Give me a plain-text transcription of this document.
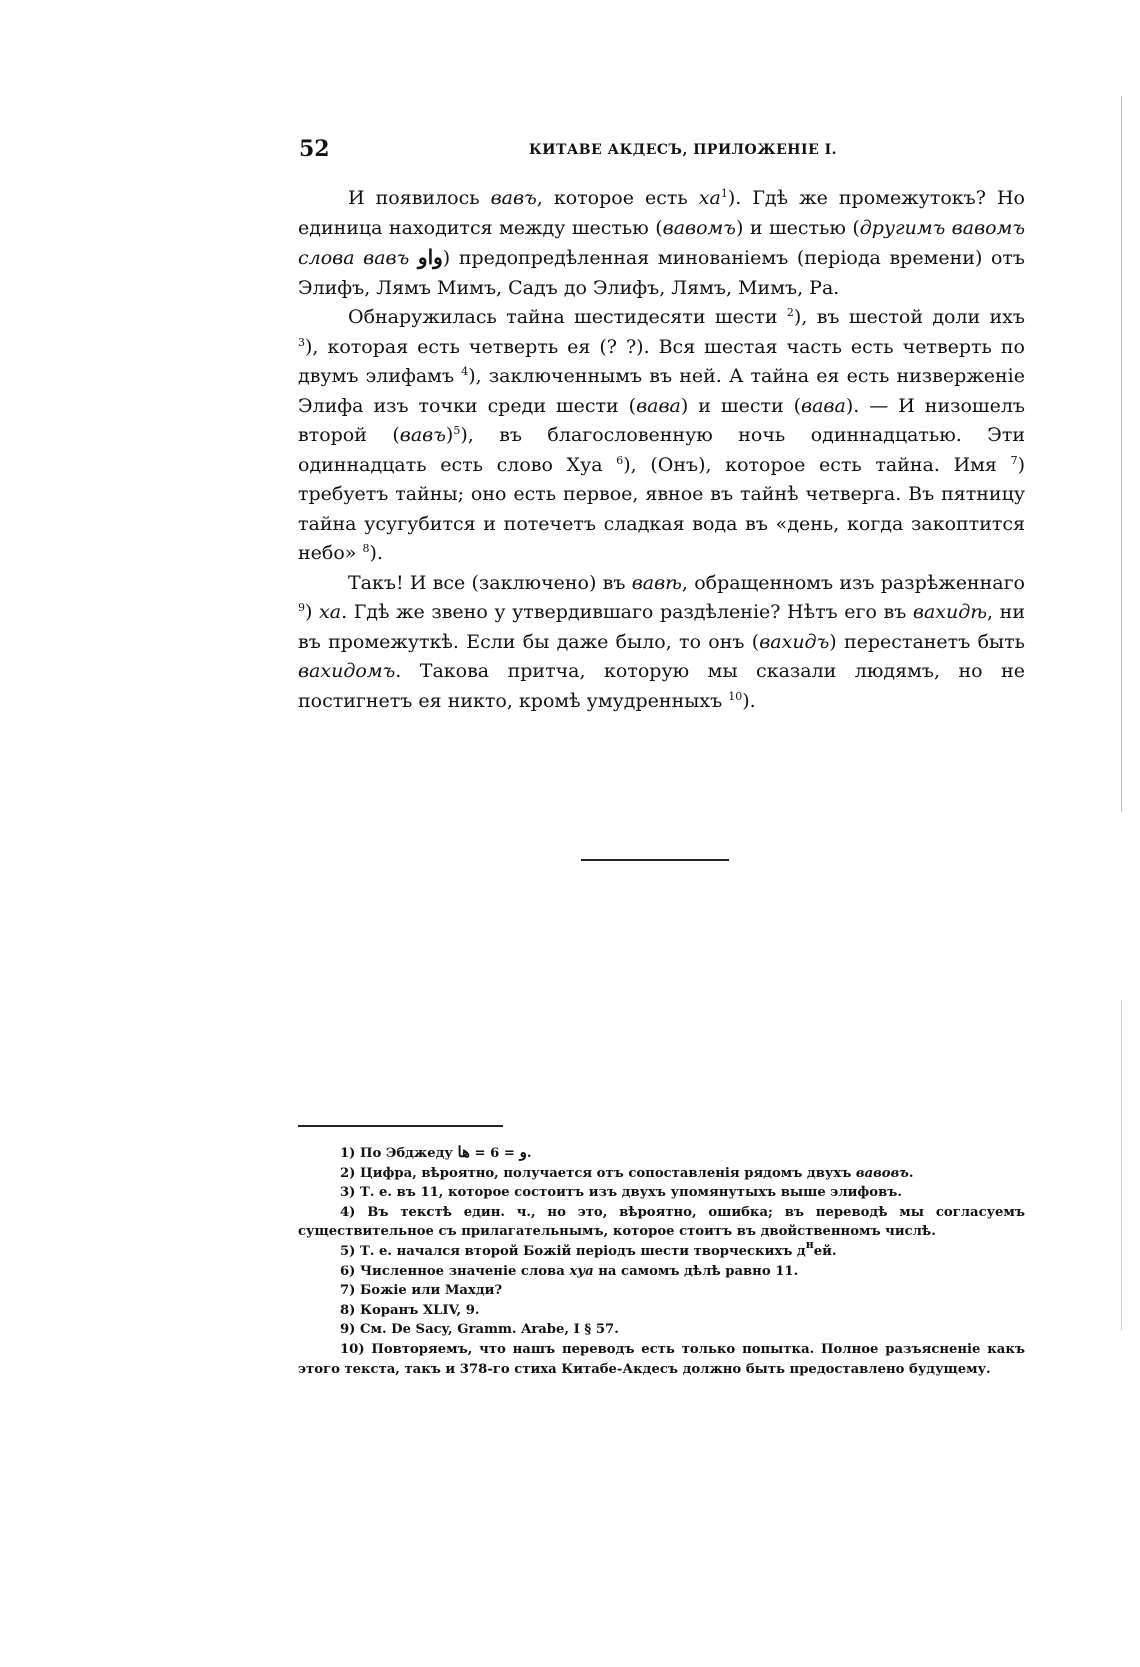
52	КИТАВЕ АКДЕСЪ, ПРИЛОЖЕНIЕ I.

И появилось вавъ, которое есть $ха^1$). Гдѣ же промежутокъ? Но единица находится между шестью (вавомъ) и шестью (другимъ вавомъ слова вавъ واو) предопредѣленная минованiемъ (перiода времени) отъ Элифъ, Лямъ Мимъ, Садъ до Элифъ, Лямъ, Мимъ, Ра.

Обнаружилась тайна шестидесяти шести $^2$), въ шестой доли ихъ $^3$), которая есть четверть ея (? ?). Вся шестая часть есть четверть по двумъ элифамъ $^4$), заключеннымъ въ ней. А тайна ея есть низверженiе Элифа изъ точки среди шести (вава) и шести (вава). — И низошелъ второй (вавъ)$^5$), въ благословенную ночь одиннадцатью. Эти одиннадцать есть слово Хуа $^6$), (Онъ), которое есть тайна. Имя $^7$) требуетъ тайны; оно есть первое, явное въ тайнѣ четверга. Въ пятницу тайна усугубится и потечетъ сладкая вода въ «день, когда закоптится небо» $^8$).

Такъ! И все (заключено) въ вавѣ, обращенномъ изъ разрѣженнаго $^9$) ха. Гдѣ же звено у утвердившаго раздѣленiе? Нѣтъ его въ вахидѣ, ни въ промежуткѣ. Если бы даже было, то онъ (вахидъ) перестанетъ быть вахидомъ. Такова притча, которую мы сказали людямъ, но не постигнетъ ея никто, кромѣ умудренныхъ $^{10}$).

1) По Эбджеду ها = 6 = و.
2) Цифра, вѣроятно, получается отъ сопоставленiя рядомъ двухъ вавовъ.
3) Т. е. въ 11, которое состоитъ изъ двухъ упомянутыхъ выше элифовъ.
4) Въ текстѣ един. ч., но это, вѣроятно, ошибка; въ переводѣ мы согласуемъ существительное съ прилагательнымъ, которое стоитъ въ двойственномъ числѣ.
5) Т. е. начался второй Божiй перiодъ шести творческихъ $д^ней$.
6) Численное значенiе слова хуа на самомъ дѣлѣ равно 11.
7) Божiе или Махди?
8) Коранъ XLIV, 9.
9) См. De Sacy, Gramm. Arabe, I § 57.
10) Повторяемъ, что нашъ переводъ есть только попытка. Полное разъясненiе какъ этого текста, такъ и 378-го стиха Китабе-Акдесъ должно быть предоставлено будущему.
